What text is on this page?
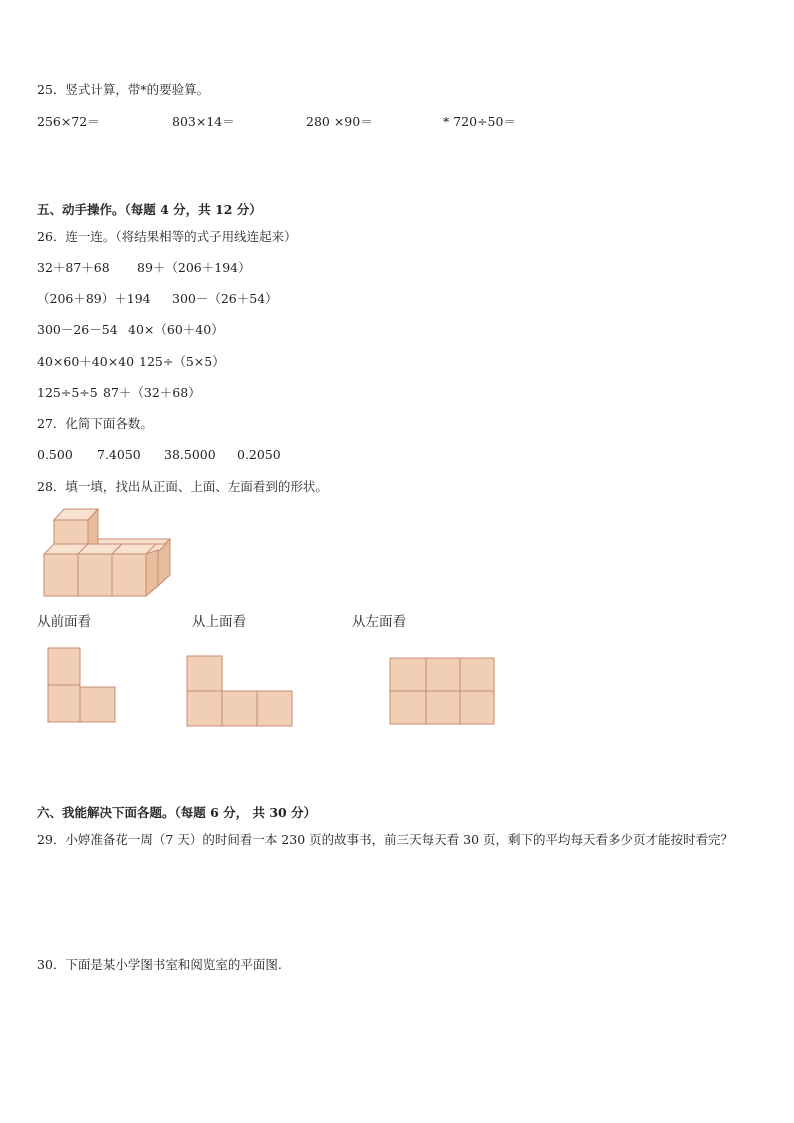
25．竖式计算，带*的要验算。
256×72＝	803×14＝	280 ×90＝	* 720÷50＝
五、动手操作。（每题 4 分，共 12 分）
26．连一连。（将结果相等的式子用线连起来）
32＋87＋68 89＋（206＋194）
（206＋89）＋194 300－（26＋54）
300－26－54 40×（60＋40）
40×60＋40×40 125÷（5×5）
125÷5÷5 87＋（32＋68）
27．化简下面各数。
0.500 7.4050 38.5000 0.2050
28．填一填，找出从正面、上面、左面看到的形状。
从前面看	从上面看	从左面看
六、我能解决下面各题。（每题 6 分， 共 30 分）
29．小婷准备花一周（7 天）的时间看一本 230 页的故事书，前三天每天看 30 页，剩下的平均每天看多少页才能按时看完？
30．下面是某小学图书室和阅览室的平面图.
